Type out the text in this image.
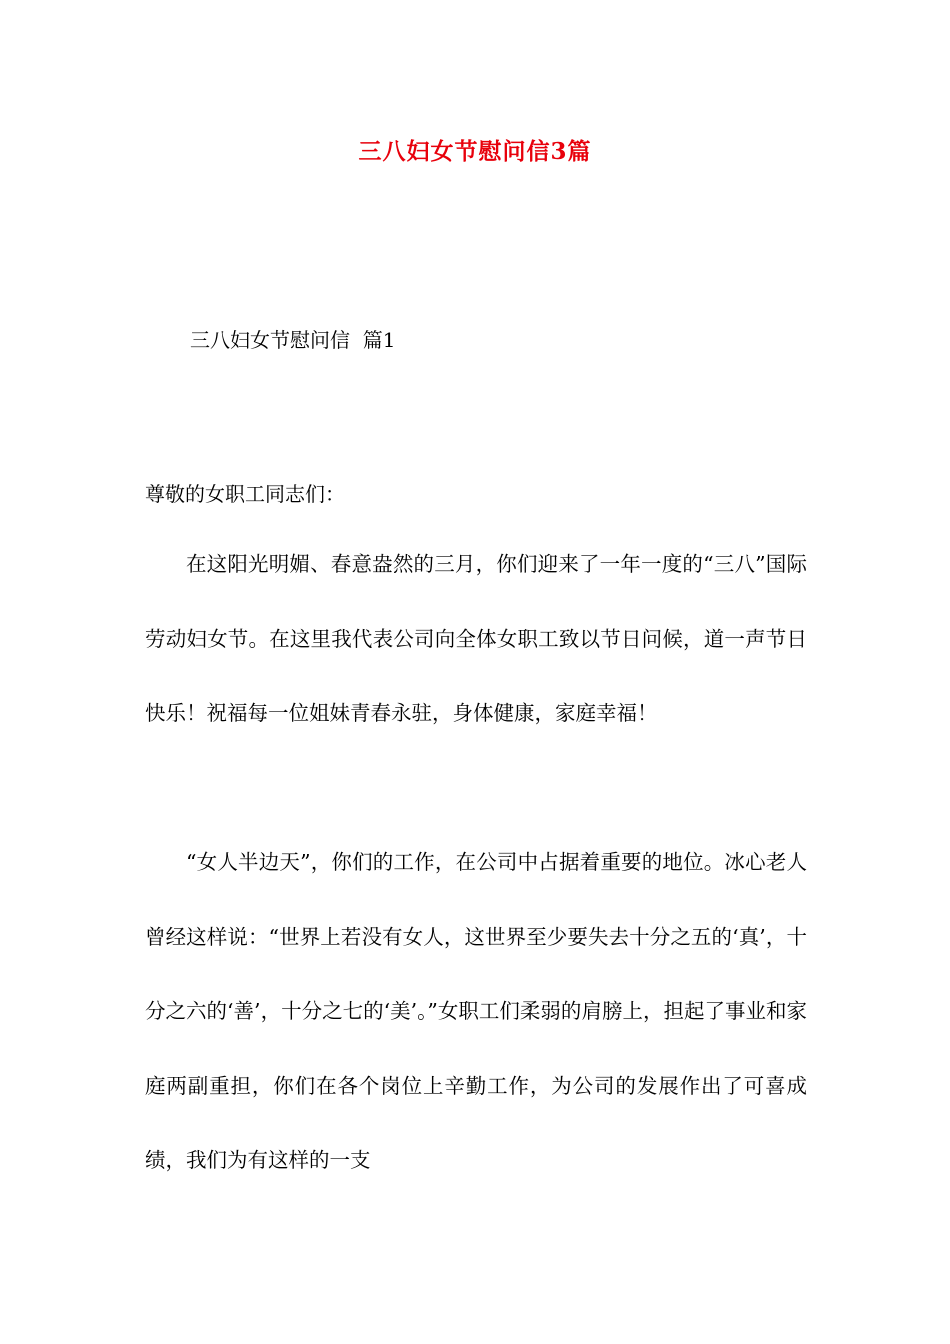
三八妇女节慰问信3篇
三八妇女节慰问信  篇1
尊敬的女职工同志们：

在这阳光明媚、春意盎然的三月，你们迎来了一年一度的“三八”国际劳动妇女节。在这里我代表公司向全体女职工致以节日问候，道一声节日快乐！祝福每一位姐妹青春永驻，身体健康，家庭幸福！

“女人半边天”，你们的工作，在公司中占据着重要的地位。冰心老人曾经这样说：“世界上若没有女人，这世界至少要失去十分之五的‘真’，十分之六的‘善’，十分之七的‘美’。”女职工们柔弱的肩膀上，担起了事业和家庭两副重担，你们在各个岗位上辛勤工作，为公司的发展作出了可喜成绩，我们为有这样的一支
